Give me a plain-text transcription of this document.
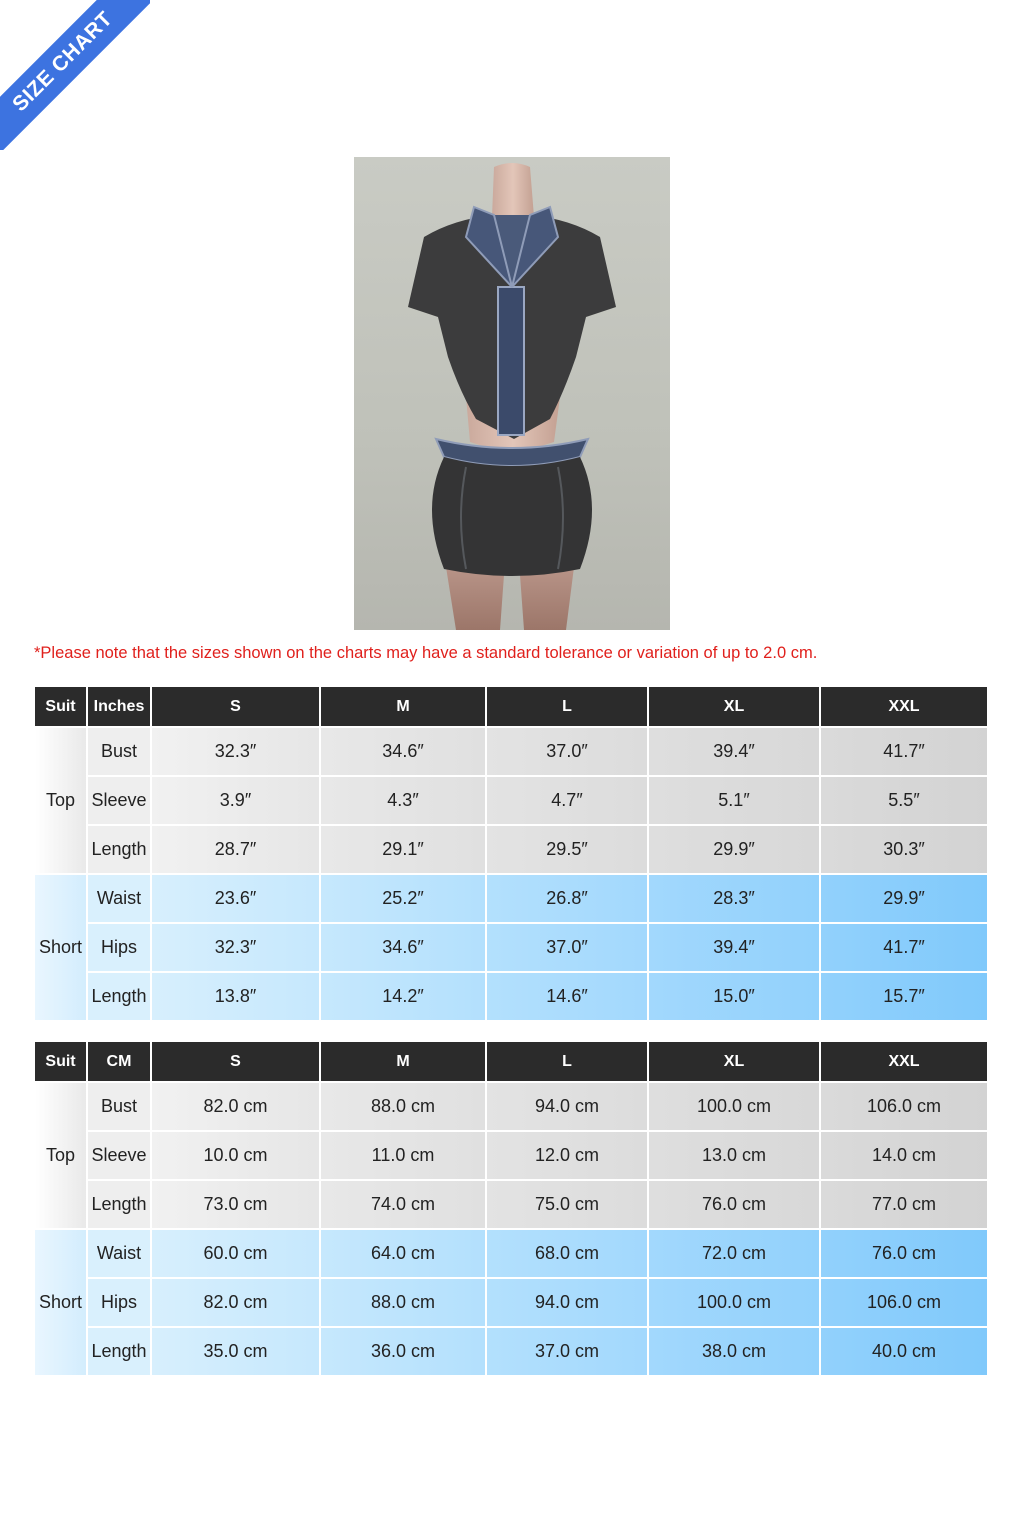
SIZE CHART
*Please note that the sizes shown on the charts may have a standard tolerance or variation of up to 2.0 cm.
Suit	Inches	S	M	L	XL	XXL
Top	Bust	32.3″	34.6″	37.0″	39.4″	41.7″
	Sleeve	3.9″	4.3″	4.7″	5.1″	5.5″
	Length	28.7″	29.1″	29.5″	29.9″	30.3″
Short	Waist	23.6″	25.2″	26.8″	28.3″	29.9″
	Hips	32.3″	34.6″	37.0″	39.4″	41.7″
	Length	13.8″	14.2″	14.6″	15.0″	15.7″
Suit	CM	S	M	L	XL	XXL
Top	Bust	82.0 cm	88.0 cm	94.0 cm	100.0 cm	106.0 cm
	Sleeve	10.0 cm	11.0 cm	12.0 cm	13.0 cm	14.0 cm
	Length	73.0 cm	74.0 cm	75.0 cm	76.0 cm	77.0 cm
Short	Waist	60.0 cm	64.0 cm	68.0 cm	72.0 cm	76.0 cm
	Hips	82.0 cm	88.0 cm	94.0 cm	100.0 cm	106.0 cm
	Length	35.0 cm	36.0 cm	37.0 cm	38.0 cm	40.0 cm
